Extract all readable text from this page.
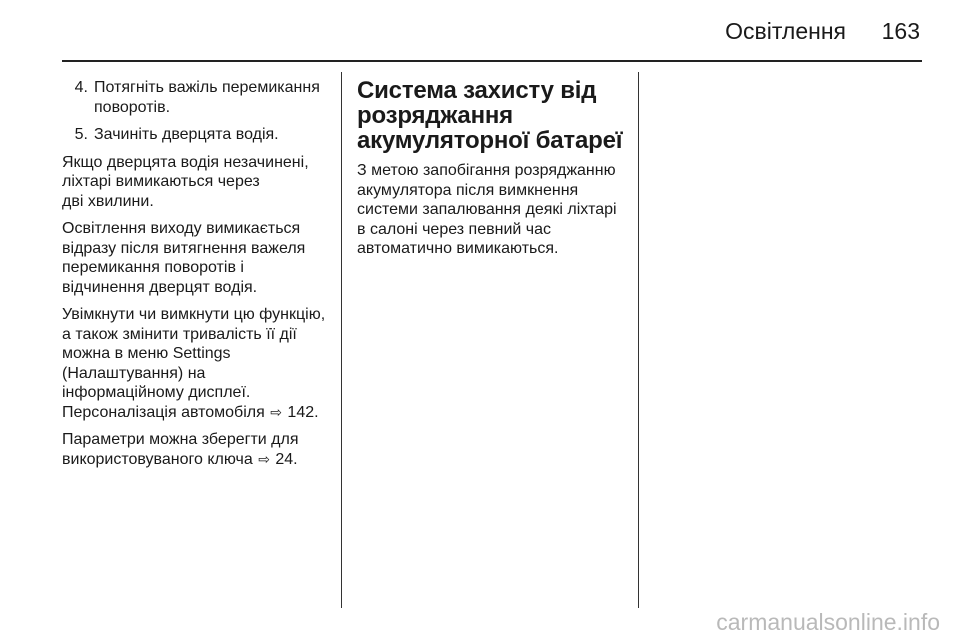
Освітлення 163
4. Потягніть важіль перемикання
поворотів.
5. Зачиніть дверцята водія.

Якщо дверцята водія незачинені,
ліхтарі вимикаються через
дві хвилини.

Освітлення виходу вимикається
відразу після витягнення важеля
перемикання поворотів і
відчинення дверцят водія.

Увімкнути чи вимкнути цю функцію,
а також змінити тривалість її дії
можна в меню Settings
(Налаштування) на
інформаційному дисплеї.
Персоналізація автомобіля ⇨ 142.

Параметри можна зберегти для
використовуваного ключа ⇨ 24.

Система захисту від
розряджання
акумуляторної батареї
З метою запобігання розряджанню
акумулятора після вимкнення
системи запалювання деякі ліхтарі
в салоні через певний час
автоматично вимикаються.
carmanualsonline.info
